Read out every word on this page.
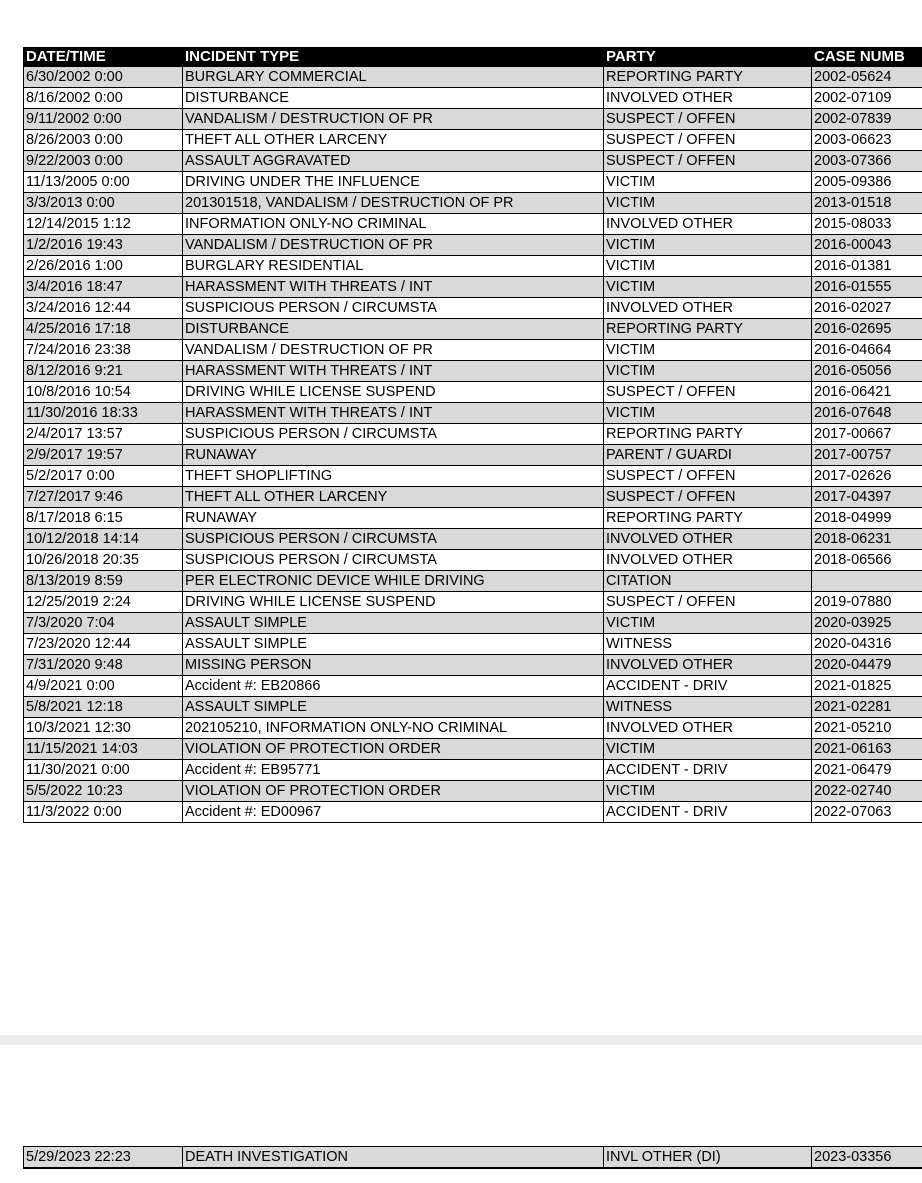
DATE/TIME	INCIDENT TYPE	PARTY	CASE NUMB
6/30/2002 0:00	BURGLARY COMMERCIAL	REPORTING PARTY	2002-05624
8/16/2002 0:00	DISTURBANCE	INVOLVED OTHER	2002-07109
9/11/2002 0:00	VANDALISM / DESTRUCTION OF PR	SUSPECT / OFFEN	2002-07839
8/26/2003 0:00	THEFT ALL OTHER LARCENY	SUSPECT / OFFEN	2003-06623
9/22/2003 0:00	ASSAULT AGGRAVATED	SUSPECT / OFFEN	2003-07366
11/13/2005 0:00	DRIVING UNDER THE INFLUENCE	VICTIM	2005-09386
3/3/2013 0:00	201301518, VANDALISM / DESTRUCTION OF PR	VICTIM	2013-01518
12/14/2015 1:12	INFORMATION ONLY-NO CRIMINAL	INVOLVED OTHER	2015-08033
1/2/2016 19:43	VANDALISM / DESTRUCTION OF PR	VICTIM	2016-00043
2/26/2016 1:00	BURGLARY RESIDENTIAL	VICTIM	2016-01381
3/4/2016 18:47	HARASSMENT WITH THREATS / INT	VICTIM	2016-01555
3/24/2016 12:44	SUSPICIOUS PERSON / CIRCUMSTA	INVOLVED OTHER	2016-02027
4/25/2016 17:18	DISTURBANCE	REPORTING PARTY	2016-02695
7/24/2016 23:38	VANDALISM / DESTRUCTION OF PR	VICTIM	2016-04664
8/12/2016 9:21	HARASSMENT WITH THREATS / INT	VICTIM	2016-05056
10/8/2016 10:54	DRIVING WHILE LICENSE SUSPEND	SUSPECT / OFFEN	2016-06421
11/30/2016 18:33	HARASSMENT WITH THREATS / INT	VICTIM	2016-07648
2/4/2017 13:57	SUSPICIOUS PERSON / CIRCUMSTA	REPORTING PARTY	2017-00667
2/9/2017 19:57	RUNAWAY	PARENT / GUARDI	2017-00757
5/2/2017 0:00	THEFT SHOPLIFTING	SUSPECT / OFFEN	2017-02626
7/27/2017 9:46	THEFT ALL OTHER LARCENY	SUSPECT / OFFEN	2017-04397
8/17/2018 6:15	RUNAWAY	REPORTING PARTY	2018-04999
10/12/2018 14:14	SUSPICIOUS PERSON / CIRCUMSTA	INVOLVED OTHER	2018-06231
10/26/2018 20:35	SUSPICIOUS PERSON / CIRCUMSTA	INVOLVED OTHER	2018-06566
8/13/2019 8:59	PER ELECTRONIC DEVICE WHILE DRIVING	CITATION	
12/25/2019 2:24	DRIVING WHILE LICENSE SUSPEND	SUSPECT / OFFEN	2019-07880
7/3/2020 7:04	ASSAULT SIMPLE	VICTIM	2020-03925
7/23/2020 12:44	ASSAULT SIMPLE	WITNESS	2020-04316
7/31/2020 9:48	MISSING PERSON	INVOLVED OTHER	2020-04479
4/9/2021 0:00	Accident #: EB20866	ACCIDENT - DRIV	2021-01825
5/8/2021 12:18	ASSAULT SIMPLE	WITNESS	2021-02281
10/3/2021 12:30	202105210, INFORMATION ONLY-NO CRIMINAL	INVOLVED OTHER	2021-05210
11/15/2021 14:03	VIOLATION OF PROTECTION ORDER	VICTIM	2021-06163
11/30/2021 0:00	Accident #: EB95771	ACCIDENT - DRIV	2021-06479
5/5/2022 10:23	VIOLATION OF PROTECTION ORDER	VICTIM	2022-02740
11/3/2022 0:00	Accident #: ED00967	ACCIDENT - DRIV	2022-07063
5/29/2023 22:23	DEATH INVESTIGATION	INVL OTHER (DI)	2023-03356
